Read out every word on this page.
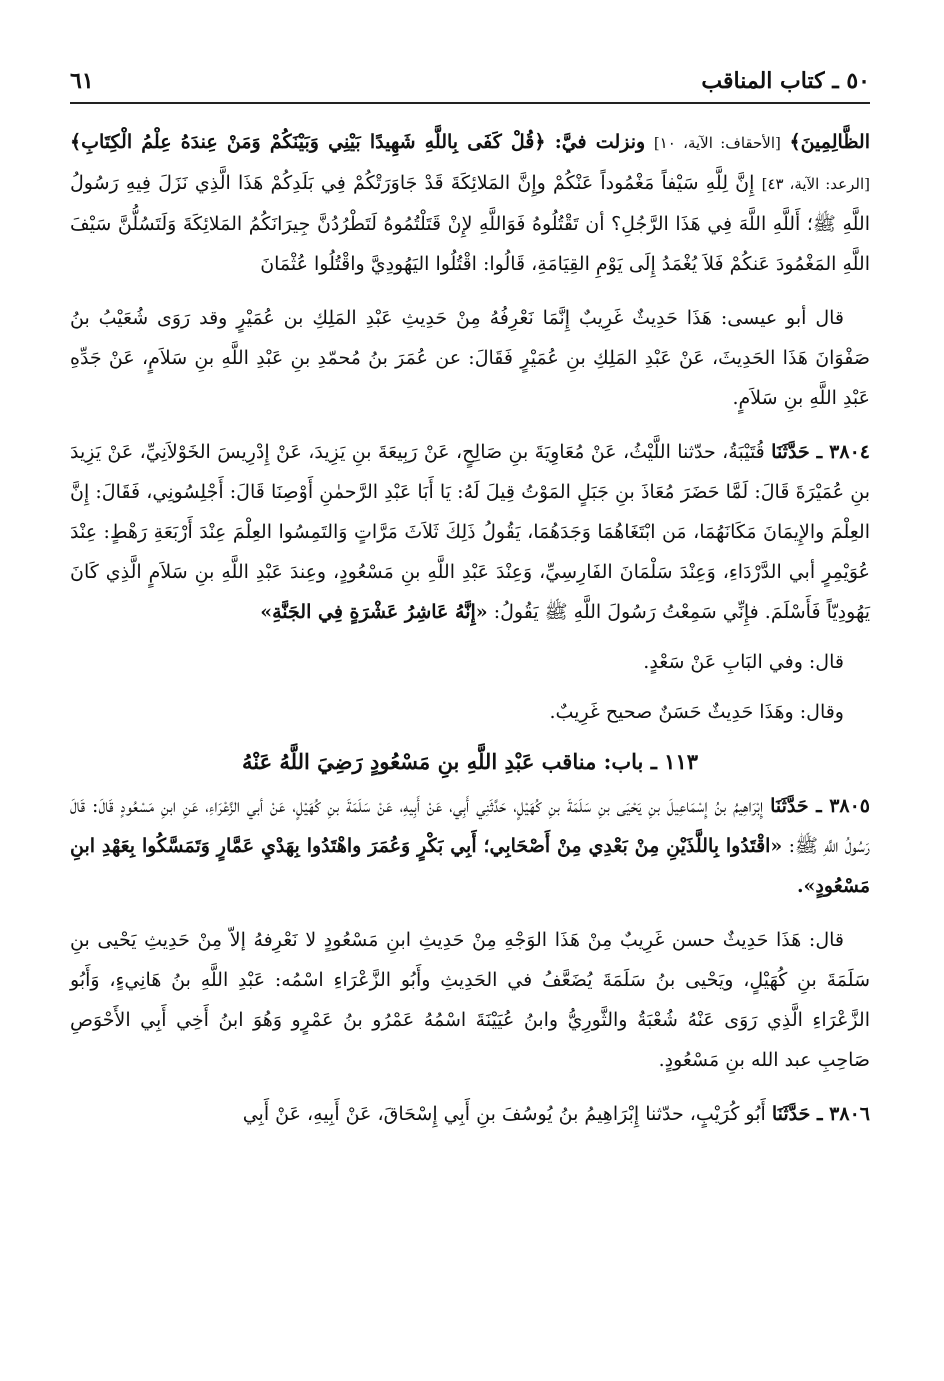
٥٠ ـ كتاب المناقب
٦١

الظَّالِمِينَ﴾ [الأحقاف: الآية، ١٠] ونزلت فيَّ: ﴿قُلْ كَفَى بِاللَّهِ شَهِيدًا بَيْنِي وَبَيْنَكُمْ وَمَنْ عِندَهُ عِلْمُ الْكِتَابِ﴾ [الرعد: الآية، ٤٣] إِنَّ لِلَّهِ سَيْفاً مَغْمُوداً عَنْكُمْ وإِنَّ المَلائِكَةَ قَدْ جَاوَرَتْكُمْ فِي بَلَدِكُمْ هَذَا الَّذِي نَزَلَ فِيهِ رَسُولُ اللَّهِ ﷺ؛ أَللَّهِ اللَّهَ فِي هَذَا الرَّجُلِ؟ أن تَقْتُلُوهُ فَوَاللَّهِ لإِنْ قَتَلْتُمُوهُ لَتَطْرُدُنَّ جِيرَانَكُمُ المَلائِكَةَ وَلَتَسُلُّنَّ سَيْفَ اللَّهِ المَغْمُودَ عَنكُمْ فَلاَ يُغْمَدُ إِلَى يَوْمِ القِيَامَةِ، قَالُوا: اقْتُلُوا اليَهُودِيَّ واقْتُلُوا عُثْمَانَ

قال أبو عيسى: هَذَا حَدِيثٌ غَرِيبٌ إِنَّمَا نَعْرِفُهُ مِنْ حَدِيثِ عَبْدِ المَلِكِ بن عُمَيْرٍ وقد رَوَى شُعَيْبُ بنُ صَفْوَانَ هَذَا الحَدِيثَ، عَنْ عَبْدِ المَلِكِ بنِ عُمَيْرٍ فَقَالَ: عن عُمَرَ بنُ مُحمّدِ بنِ عَبْدِ اللَّهِ بنِ سَلاَمٍ، عَنْ جَدِّهِ عَبْدِ اللَّهِ بنِ سَلاَمٍ.

٣٨٠٤ ـ حَدَّثَنَا قُتَيْبَةُ، حدّثنا اللَّيْثُ، عَنْ مُعَاوِيَةَ بنِ صَالِحٍ، عَنْ رَبِيعَةَ بنِ يَزِيدَ، عَنْ إِدْرِيسَ الخَوْلاَنِيِّ، عَنْ يَزِيدَ بنِ عُمَيْرَةَ قَالَ: لَمَّا حَضَرَ مُعَاذَ بنِ جَبَلٍ المَوْتُ قِيلَ لَهُ: يَا أَبَا عَبْدِ الرَّحمٰنِ أَوْصِنَا قَالَ: أَجْلِسُونِي، فَقَالَ: إِنَّ العِلْمَ والإِيمَانَ مَكَانَهُمَا، مَن ابْتَغَاهُمَا وَجَدَهُمَا، يَقُولُ ذَلِكَ ثَلاَثَ مَرَّاتٍ وَالتَمِسُوا العِلْمَ عِنْدَ أَرْبَعَةِ رَهْطٍ: عِنْدَ عُوَيْمِرٍ أبي الدَّرْدَاءِ، وَعِنْدَ سَلْمَانَ الفَارِسِيِّ، وَعِنْدَ عَبْدِ اللَّهِ بنِ مَسْعُودٍ، وعِندَ عَبْدِ اللَّهِ بنِ سَلاَمٍ الَّذِي كَانَ يَهُودِيّاً فَأَسْلَمَ. فإِنِّي سَمِعْتُ رَسُولَ اللَّهِ ﷺ يَقُولُ: «إِنَّهُ عَاشِرُ عَشْرَةٍ فِي الجَنَّةِ»

قال: وفي البَابِ عَنْ سَعْدٍ.

وقال: وهَذَا حَدِيثٌ حَسَنٌ صحيح غَرِيبٌ.

١١٣ ـ باب: مناقب عَبْدِ اللَّهِ بنِ مَسْعُودٍ رَضِيَ اللَّهُ عَنْهُ

٣٨٠٥ ـ حَدَّثَنَا إِبْرَاهِيمُ بنُ إِسْمَاعِيلَ بنِ يَحْيَى بنِ سَلَمَةَ بنِ كُهَيْلٍ، حَدَّثَنِي أَبِي، عَنْ أَبِيهِ، عَنْ سَلَمَةَ بنِ كُهَيْلٍ، عَنْ أبي الزَّعْرَاءِ، عَنِ ابنِ مَسْعُودٍ قَالَ: قَالَ رَسُولُ اللَّهِ ﷺ: «اقْتَدُوا بِاللَّذَيْنِ مِنْ بَعْدِي مِنْ أَصْحَابِي؛ أَبِي بَكْرٍ وَعُمَرَ واهْتَدُوا بِهَدْيِ عَمَّارٍ وَتَمَسَّكُوا بِعَهْدِ ابنِ مَسْعُودٍ».

قال: هَذَا حَدِيثٌ حسن غَرِيبٌ مِنْ هَذَا الوَجْهِ مِنْ حَدِيثِ ابنِ مَسْعُودٍ لا نَعْرِفهُ إلاّ مِنْ حَدِيثِ يَحْيى بنِ سَلَمَةَ بنِ كُهَيْلٍ، ويَحْيى بنُ سَلَمَةَ يُضَعَّفُ في الحَدِيثِ وأَبُو الزَّعْرَاءِ اسْمُه: عَبْدِ اللَّهِ بنُ هَانِيءٍ، وَأَبُو الزَّعْرَاءِ الَّذِي رَوَى عَنْهُ شُعْبَةُ والثَّورِيُّ وابنُ عُيَيْنَةَ اسْمُهُ عَمْرُو بنُ عَمْرٍو وَهُوَ ابنُ أَخِي أَبِي الأَحْوَصِ صَاحِبِ عبد الله بنِ مَسْعُودٍ.

٣٨٠٦ ـ حَدَّثَنَا أَبُو كُرَيْبٍ، حدّثنا إِبْرَاهِيمُ بنُ يُوسُفَ بنِ أَبِي إِسْحَاقَ، عَنْ أَبِيهِ، عَنْ أَبِي
